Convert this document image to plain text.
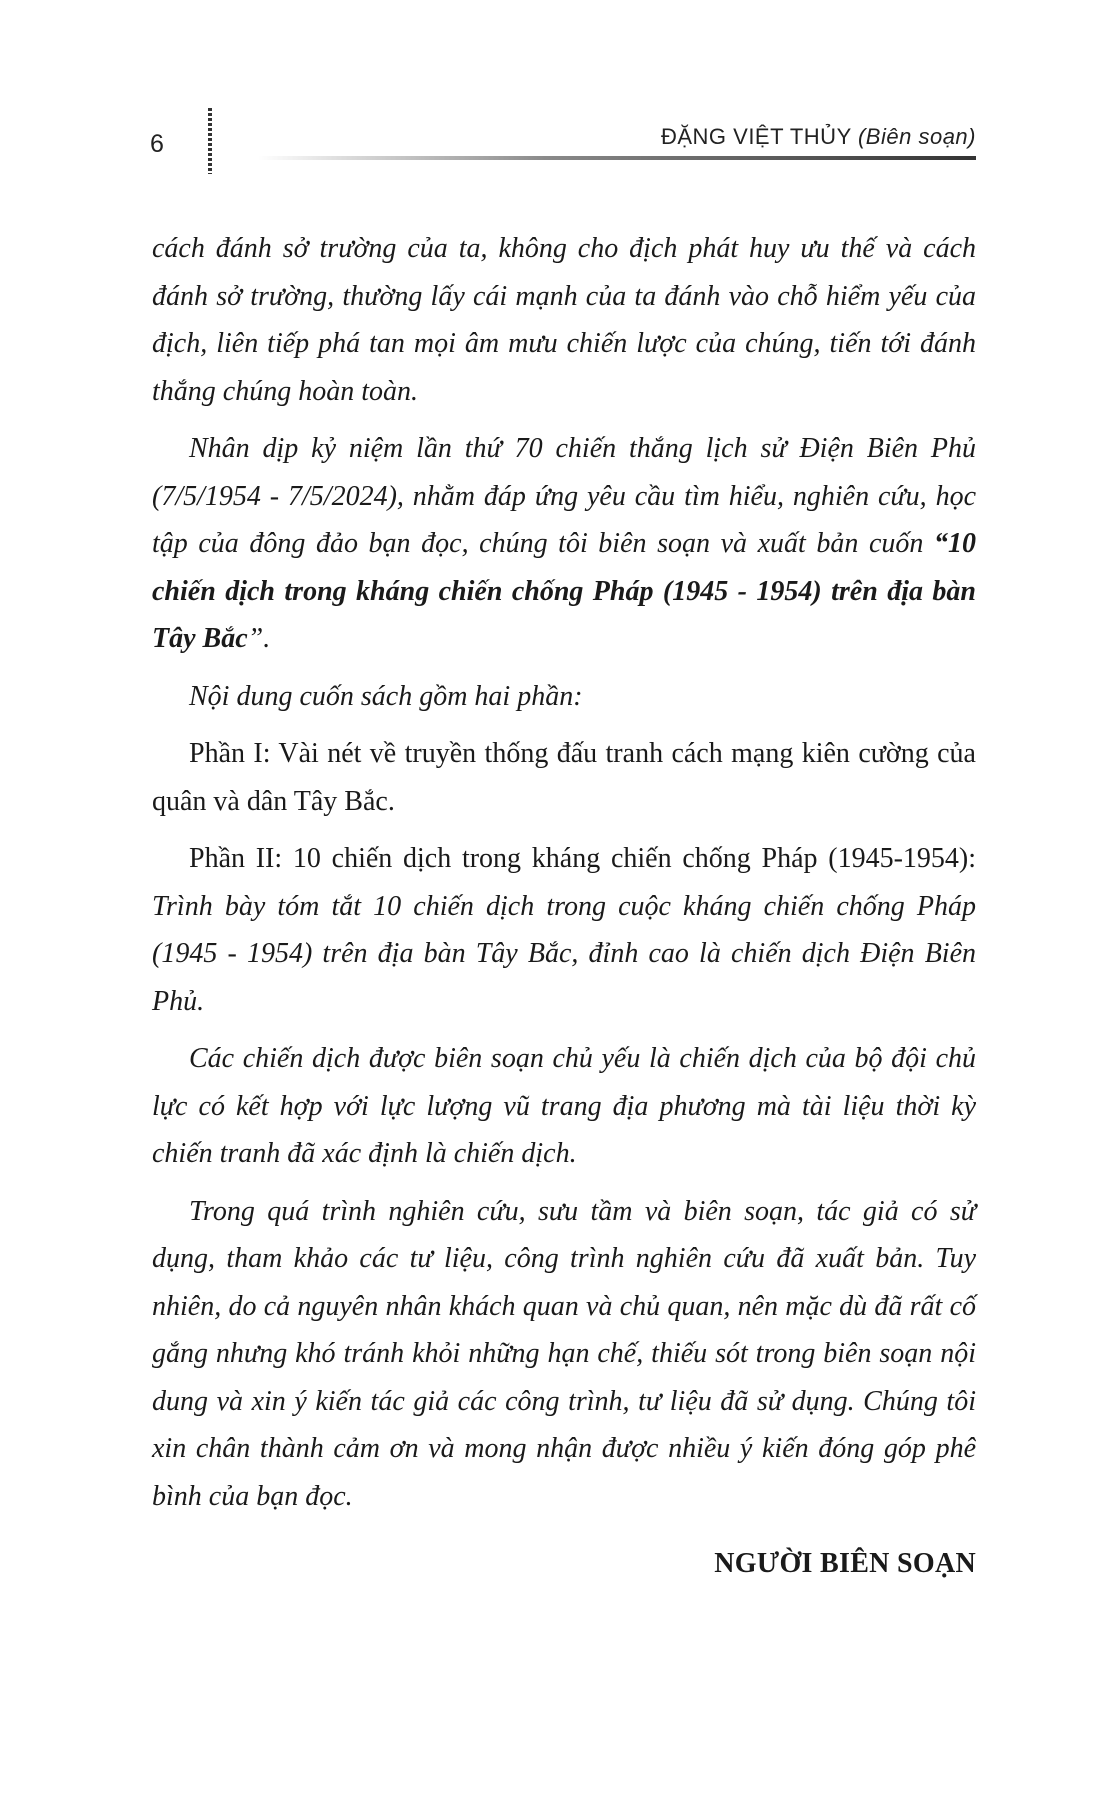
6	ĐẶNG VIỆT THỦY (Biên soạn)

cách đánh sở trường của ta, không cho địch phát huy ưu thế và cách đánh sở trường, thường lấy cái mạnh của ta đánh vào chỗ hiểm yếu của địch, liên tiếp phá tan mọi âm mưu chiến lược của chúng, tiến tới đánh thắng chúng hoàn toàn.

Nhân dịp kỷ niệm lần thứ 70 chiến thắng lịch sử Điện Biên Phủ (7/5/1954 - 7/5/2024), nhằm đáp ứng yêu cầu tìm hiểu, nghiên cứu, học tập của đông đảo bạn đọc, chúng tôi biên soạn và xuất bản cuốn “10 chiến dịch trong kháng chiến chống Pháp (1945 - 1954) trên địa bàn Tây Bắc”.

Nội dung cuốn sách gồm hai phần:

Phần I: Vài nét về truyền thống đấu tranh cách mạng kiên cường của quân và dân Tây Bắc.

Phần II: 10 chiến dịch trong kháng chiến chống Pháp (1945-1954): Trình bày tóm tắt 10 chiến dịch trong cuộc kháng chiến chống Pháp (1945 - 1954) trên địa bàn Tây Bắc, đỉnh cao là chiến dịch Điện Biên Phủ.

Các chiến dịch được biên soạn chủ yếu là chiến dịch của bộ đội chủ lực có kết hợp với lực lượng vũ trang địa phương mà tài liệu thời kỳ chiến tranh đã xác định là chiến dịch.

Trong quá trình nghiên cứu, sưu tầm và biên soạn, tác giả có sử dụng, tham khảo các tư liệu, công trình nghiên cứu đã xuất bản. Tuy nhiên, do cả nguyên nhân khách quan và chủ quan, nên mặc dù đã rất cố gắng nhưng khó tránh khỏi những hạn chế, thiếu sót trong biên soạn nội dung và xin ý kiến tác giả các công trình, tư liệu đã sử dụng. Chúng tôi xin chân thành cảm ơn và mong nhận được nhiều ý kiến đóng góp phê bình của bạn đọc.

NGƯỜI BIÊN SOẠN
